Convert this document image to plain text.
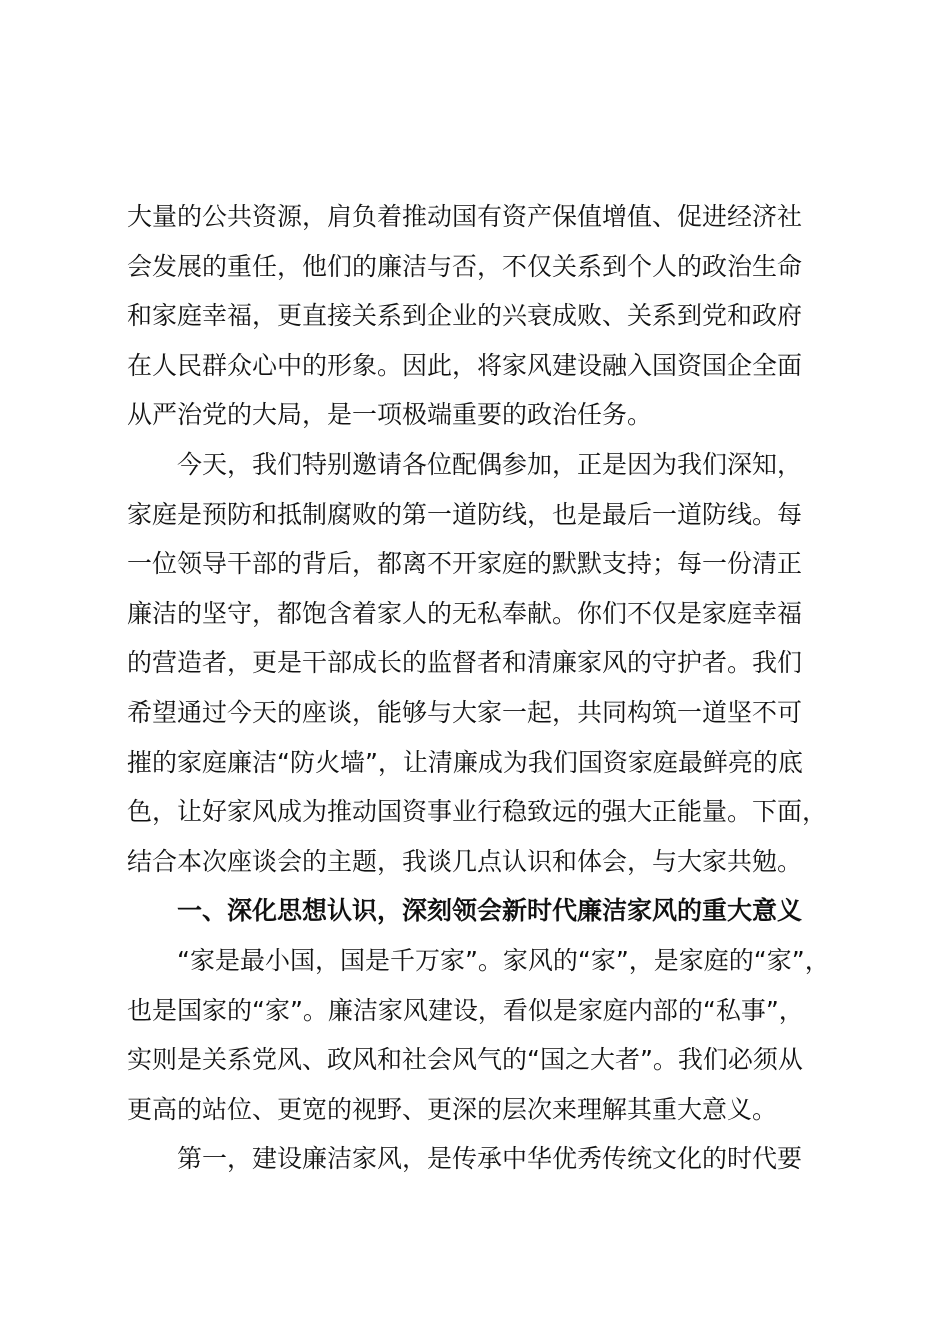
大量的公共资源，肩负着推动国有资产保值增值、促进经济社
会发展的重任，他们的廉洁与否，不仅关系到个人的政治生命
和家庭幸福，更直接关系到企业的兴衰成败、关系到党和政府
在人民群众心中的形象。因此，将家风建设融入国资国企全面
从严治党的大局，是一项极端重要的政治任务。
今天，我们特别邀请各位配偶参加，正是因为我们深知，
家庭是预防和抵制腐败的第一道防线，也是最后一道防线。每
一位领导干部的背后，都离不开家庭的默默支持；每一份清正
廉洁的坚守，都饱含着家人的无私奉献。你们不仅是家庭幸福
的营造者，更是干部成长的监督者和清廉家风的守护者。我们
希望通过今天的座谈，能够与大家一起，共同构筑一道坚不可
摧的家庭廉洁“防火墙”，让清廉成为我们国资家庭最鲜亮的底
色，让好家风成为推动国资事业行稳致远的强大正能量。下面，
结合本次座谈会的主题，我谈几点认识和体会，与大家共勉。
一、深化思想认识，深刻领会新时代廉洁家风的重大意义
“家是最小国，国是千万家”。家风的“家”，是家庭的“家”，
也是国家的“家”。廉洁家风建设，看似是家庭内部的“私事”，
实则是关系党风、政风和社会风气的“国之大者”。我们必须从
更高的站位、更宽的视野、更深的层次来理解其重大意义。
第一，建设廉洁家风，是传承中华优秀传统文化的时代要
